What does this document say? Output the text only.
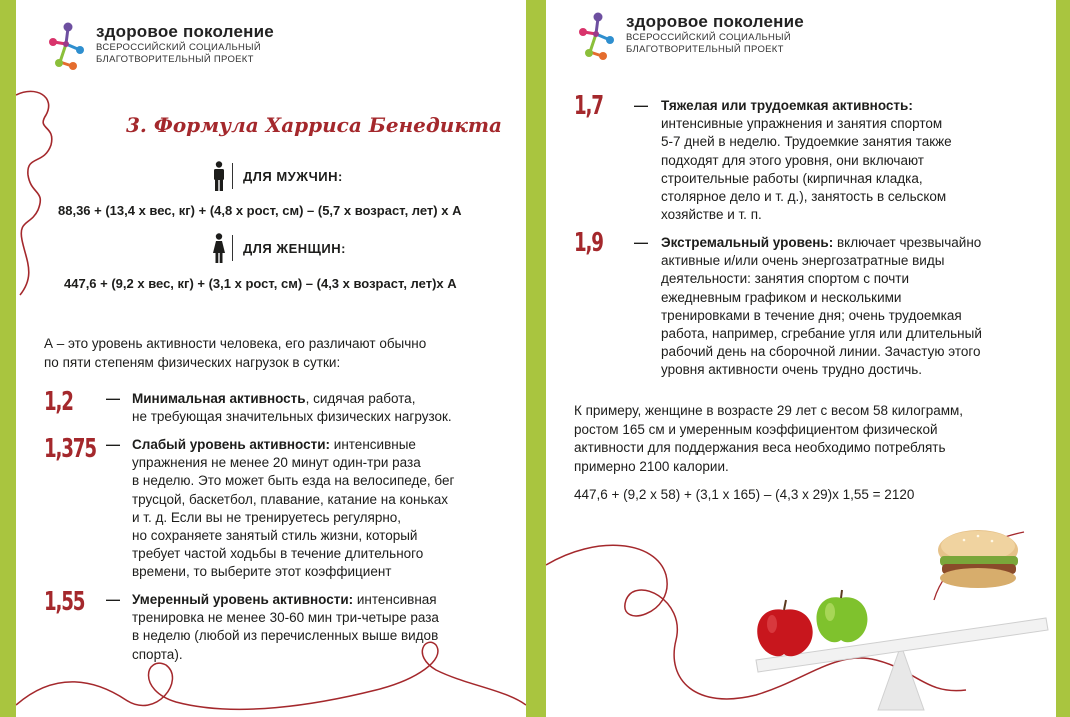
здоровое поколение
ВСЕРОССИЙСКИЙ СОЦИАЛЬНЫЙ
БЛАГОТВОРИТЕЛЬНЫЙ ПРОЕКТ
3. Формула Харриса Бенедикта
ДЛЯ МУЖЧИН:
88,36 + (13,4 х вес, кг) + (4,8 х рост, см) – (5,7 х возраст, лет) х А
ДЛЯ ЖЕНЩИН:
447,6 + (9,2 х вес, кг) + (3,1 х рост, см) – (4,3 х возраст, лет)х А
А – это уровень активности человека, его различают обычно
по пяти степеням физических нагрузок в сутки:
1,2 — Минимальная активность, сидячая работа,
не требующая значительных физических нагрузок.
1,375 — Слабый уровень активности: интенсивные
упражнения не менее 20 минут один-три раза
в неделю. Это может быть езда на велосипеде, бег
трусцой, баскетбол, плавание, катание на коньках
и т. д. Если вы не тренируетесь регулярно,
но сохраняете занятый стиль жизни, который
требует частой ходьбы в течение длительного
времени, то выберите этот коэффициент
1,55 — Умеренный уровень активности: интенсивная
тренировка не менее 30-60 мин три-четыре раза
в неделю (любой из перечисленных выше видов
спорта).
здоровое поколение
ВСЕРОССИЙСКИЙ СОЦИАЛЬНЫЙ
БЛАГОТВОРИТЕЛЬНЫЙ ПРОЕКТ
1,7 — Тяжелая или трудоемкая активность:
интенсивные упражнения и занятия спортом
5-7 дней в неделю. Трудоемкие занятия также
подходят для этого уровня, они включают
строительные работы (кирпичная кладка,
столярное дело и т. д.), занятость в сельском
хозяйстве и т. п.
1,9 — Экстремальный уровень: включает чрезвычайно
активные и/или очень энергозатратные виды
деятельности: занятия спортом с почти
ежедневным графиком и несколькими
тренировками в течение дня; очень трудоемкая
работа, например, сгребание угля или длительный
рабочий день на сборочной линии. Зачастую этого
уровня активности очень трудно достичь.
К примеру, женщине в возрасте 29 лет с весом 58 килограмм,
ростом 165 см и умеренным коэффициентом физической
активности для поддержания веса необходимо потреблять
примерно 2100 калории.
447,6 + (9,2 х 58) + (3,1 х 165) – (4,3 х 29)х 1,55 = 2120
